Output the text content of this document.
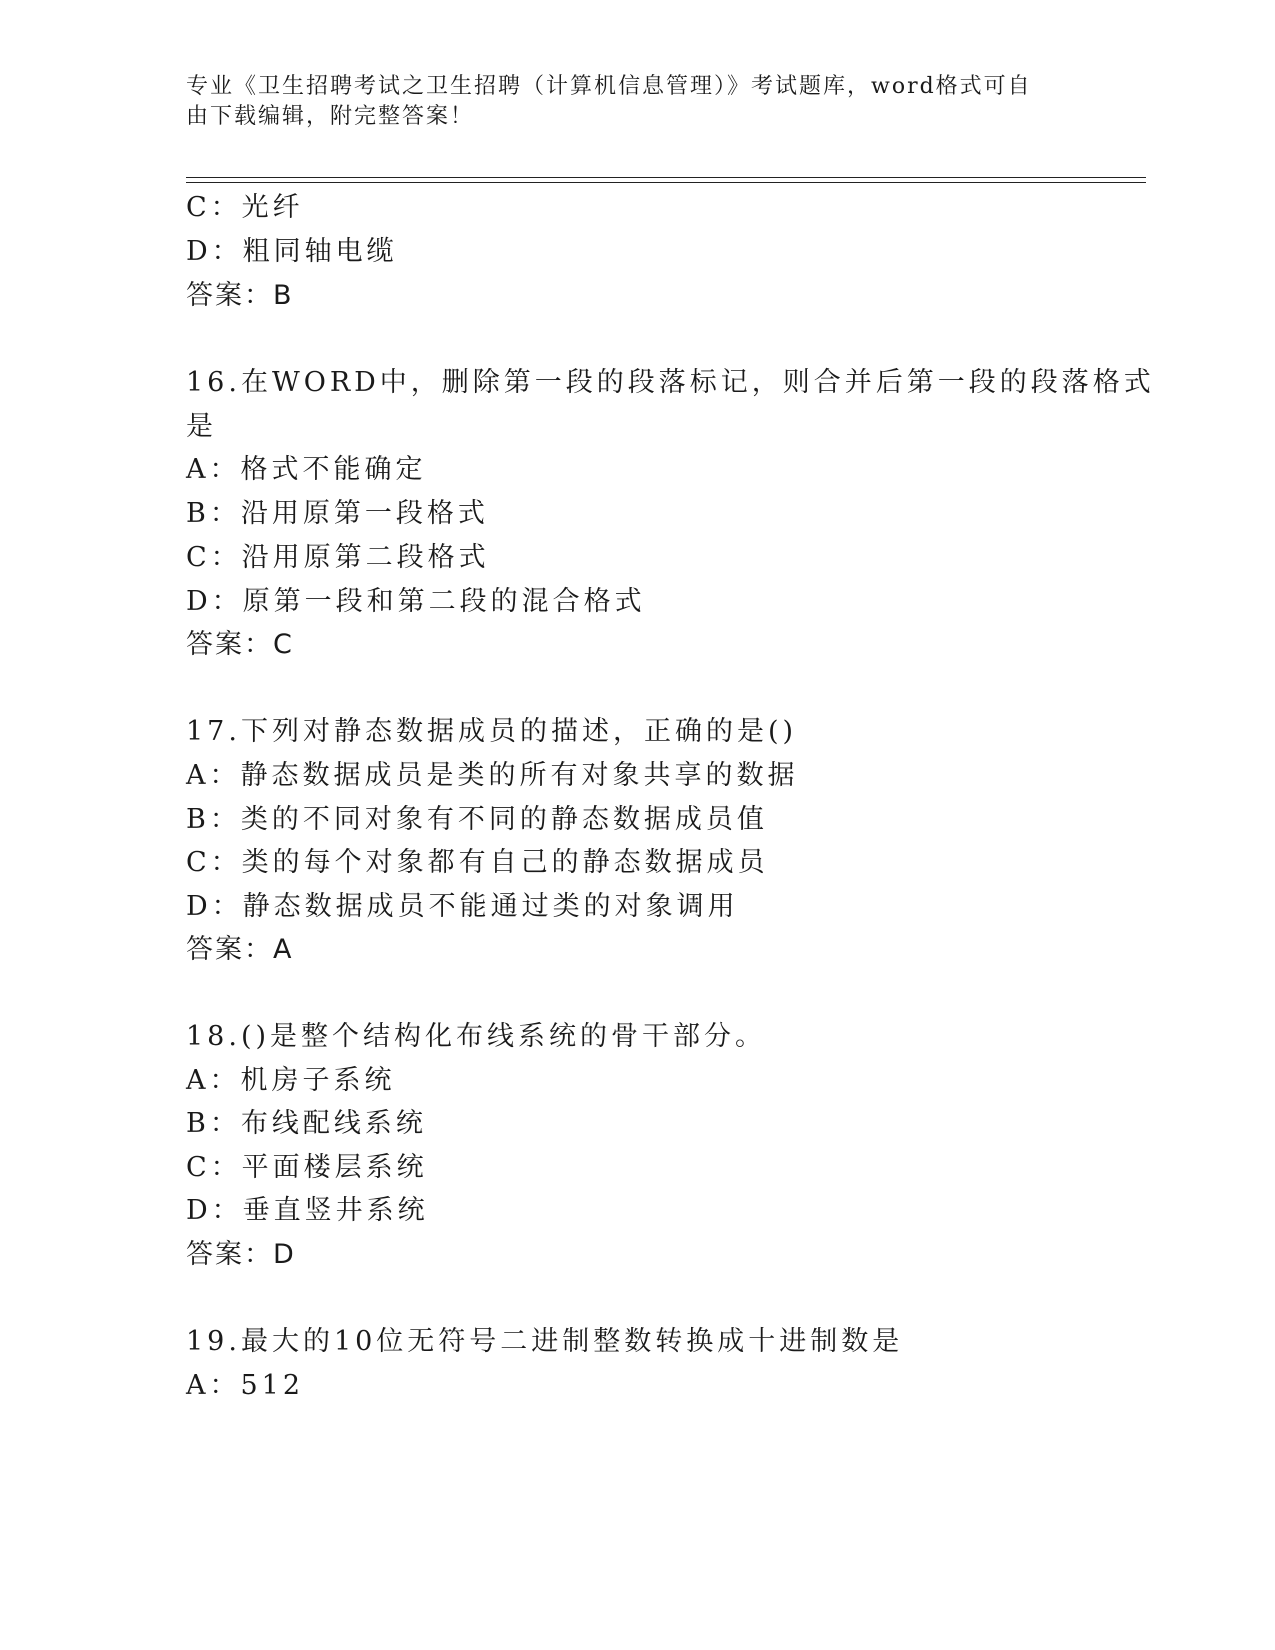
专业《卫生招聘考试之卫生招聘（计算机信息管理）》考试题库，word格式可自
由下载编辑，附完整答案！
C：光纤
D：粗同轴电缆
答案：B
16.在WORD中，删除第一段的段落标记，则合并后第一段的段落格式
是
A：格式不能确定
B：沿用原第一段格式
C：沿用原第二段格式
D：原第一段和第二段的混合格式
答案：C
17.下列对静态数据成员的描述，正确的是()
A：静态数据成员是类的所有对象共享的数据
B：类的不同对象有不同的静态数据成员值
C：类的每个对象都有自己的静态数据成员
D：静态数据成员不能通过类的对象调用
答案：A
18.()是整个结构化布线系统的骨干部分。
A：机房子系统
B：布线配线系统
C：平面楼层系统
D：垂直竖井系统
答案：D
19.最大的10位无符号二进制整数转换成十进制数是
A：512
